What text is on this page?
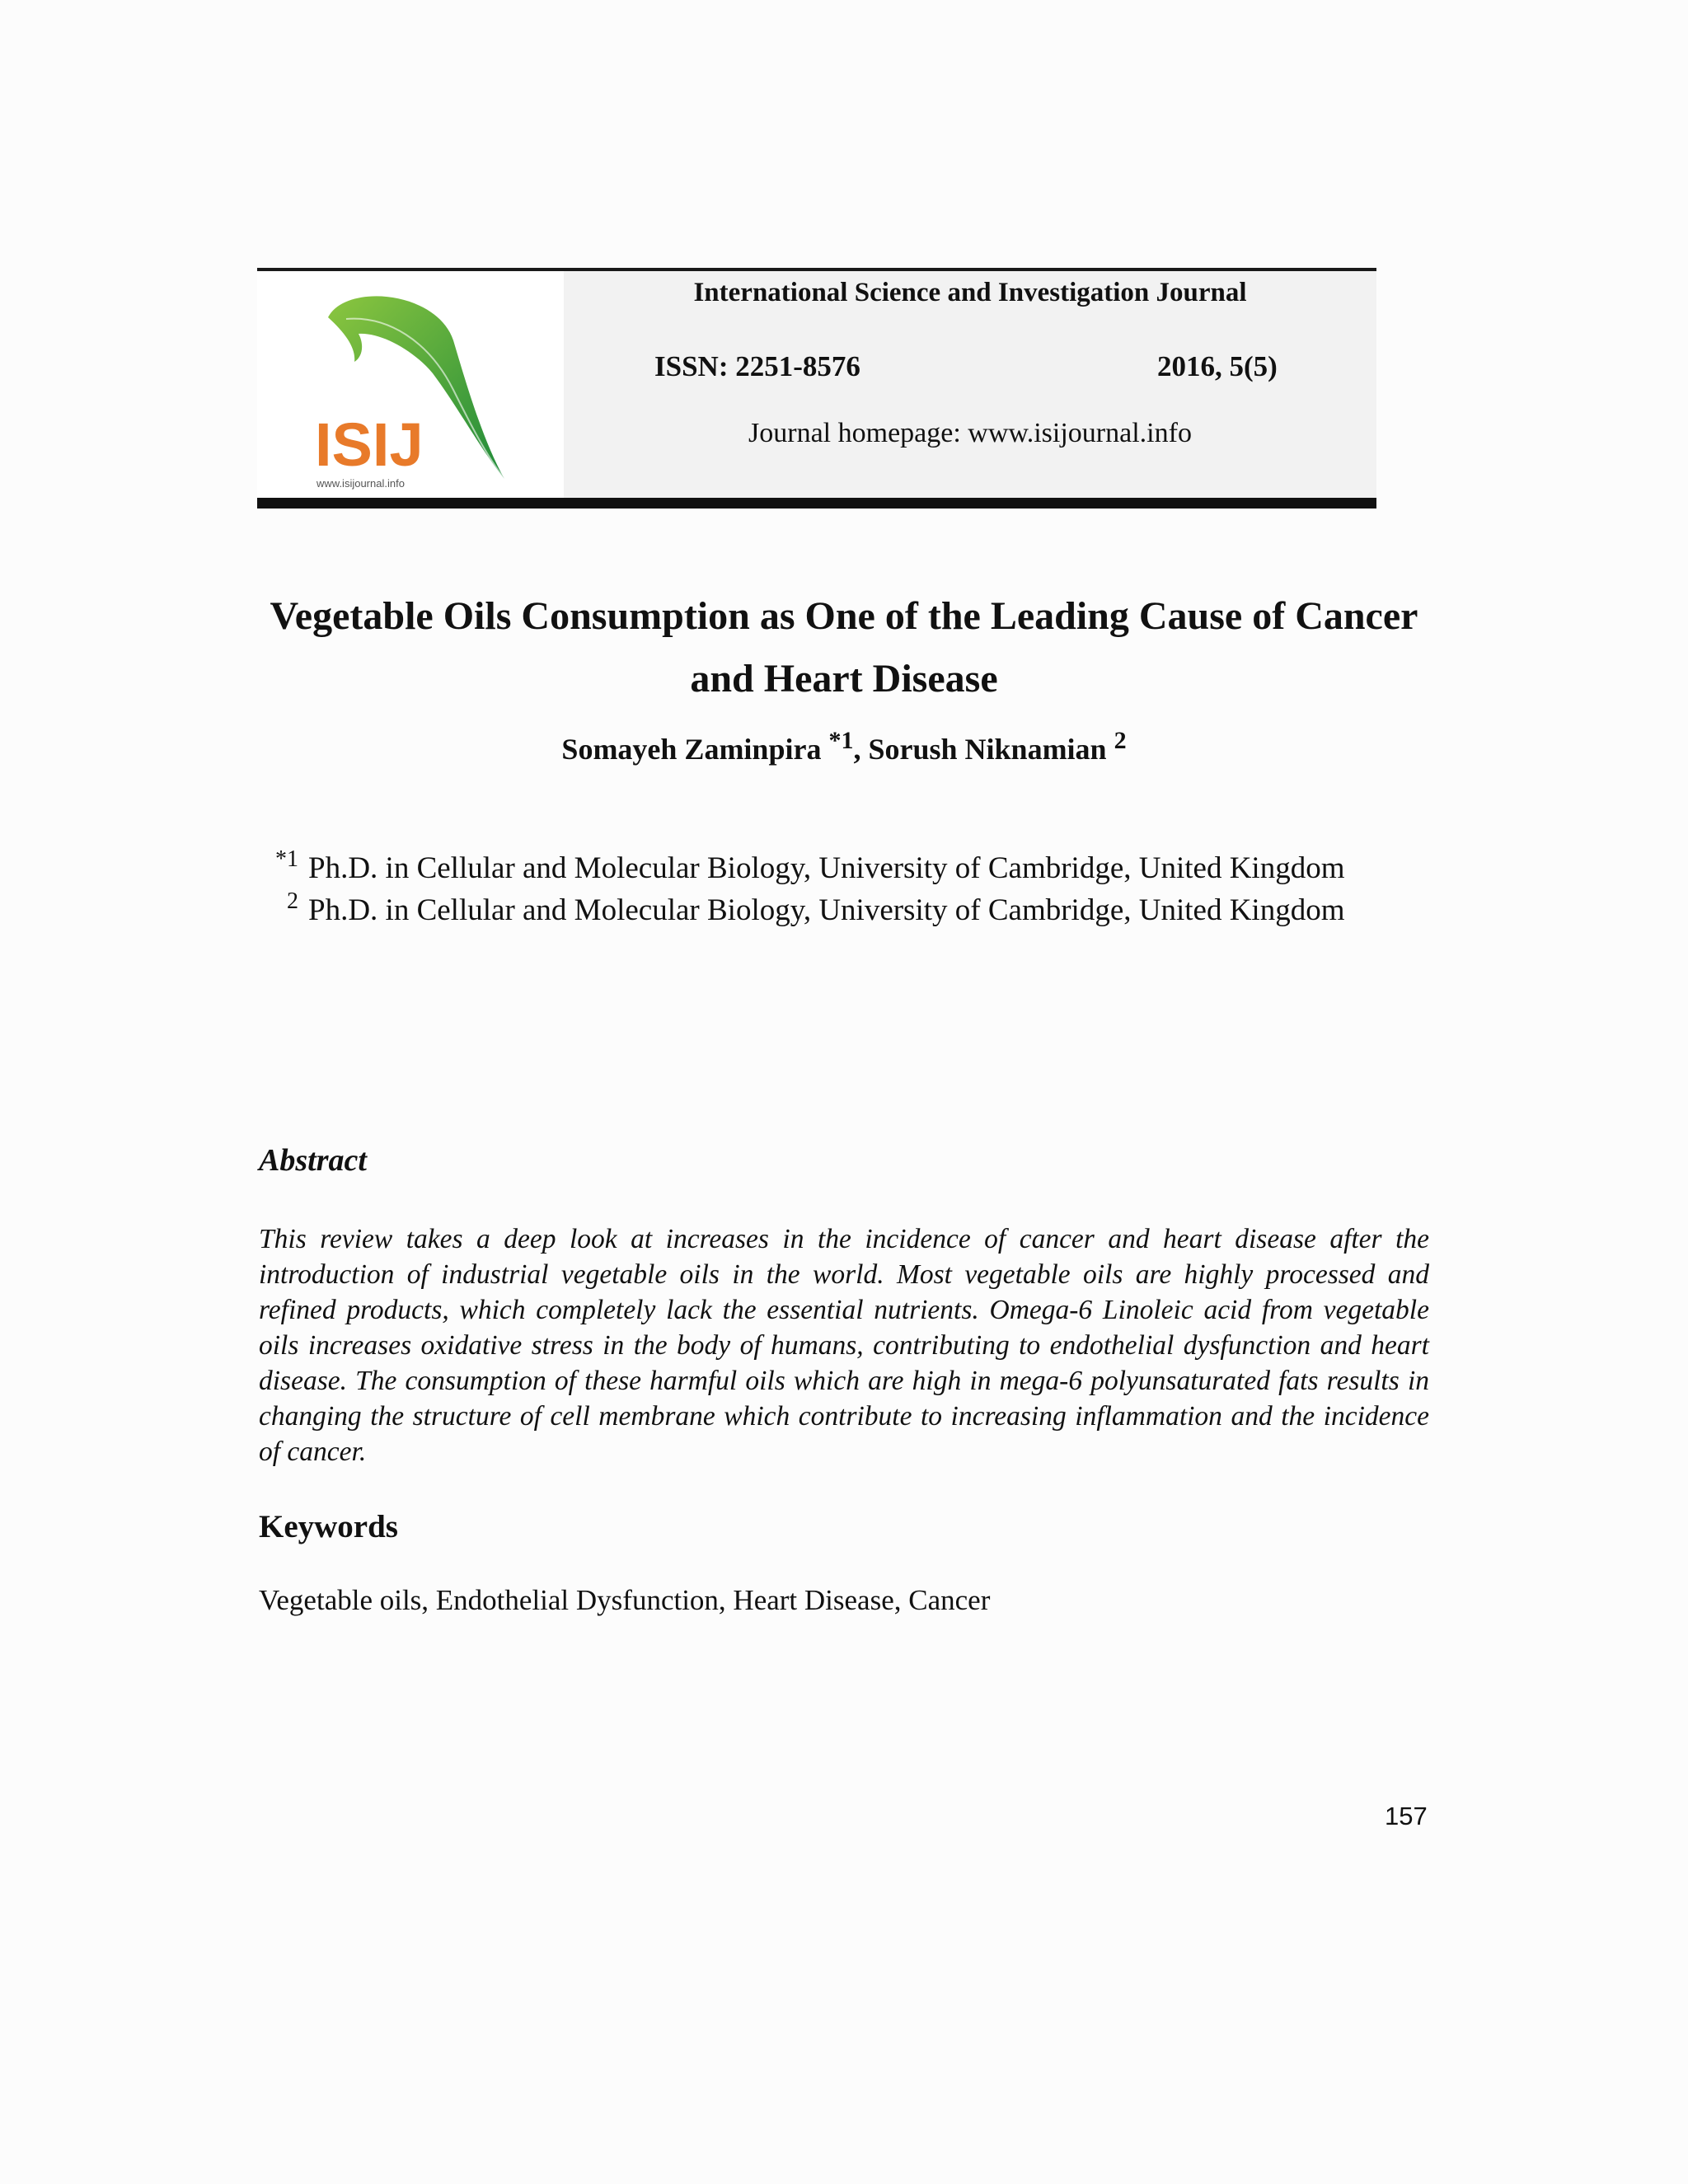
ISIJ
www.isijournal.info
International Science and Investigation Journal
ISSN: 2251-8576	2016, 5(5)
Journal homepage: www.isijournal.info
Vegetable Oils Consumption as One of the Leading Cause of Cancer and Heart Disease
Somayeh Zaminpira $^{*1}$, Sorush Niknamian $^2$
$^{*1}$ Ph.D. in Cellular and Molecular Biology, University of Cambridge, United Kingdom
$^2$ Ph.D. in Cellular and Molecular Biology, University of Cambridge, United Kingdom
Abstract
This review takes a deep look at increases in the incidence of cancer and heart disease after the introduction of industrial vegetable oils in the world. Most vegetable oils are highly processed and refined products, which completely lack the essential nutrients. Omega-6 Linoleic acid from vegetable oils increases oxidative stress in the body of humans, contributing to endothelial dysfunction and heart disease. The consumption of these harmful oils which are high in mega-6 polyunsaturated fats results in changing the structure of cell membrane which contribute to increasing inflammation and the incidence of cancer.
Keywords
Vegetable oils, Endothelial Dysfunction, Heart Disease, Cancer
157
